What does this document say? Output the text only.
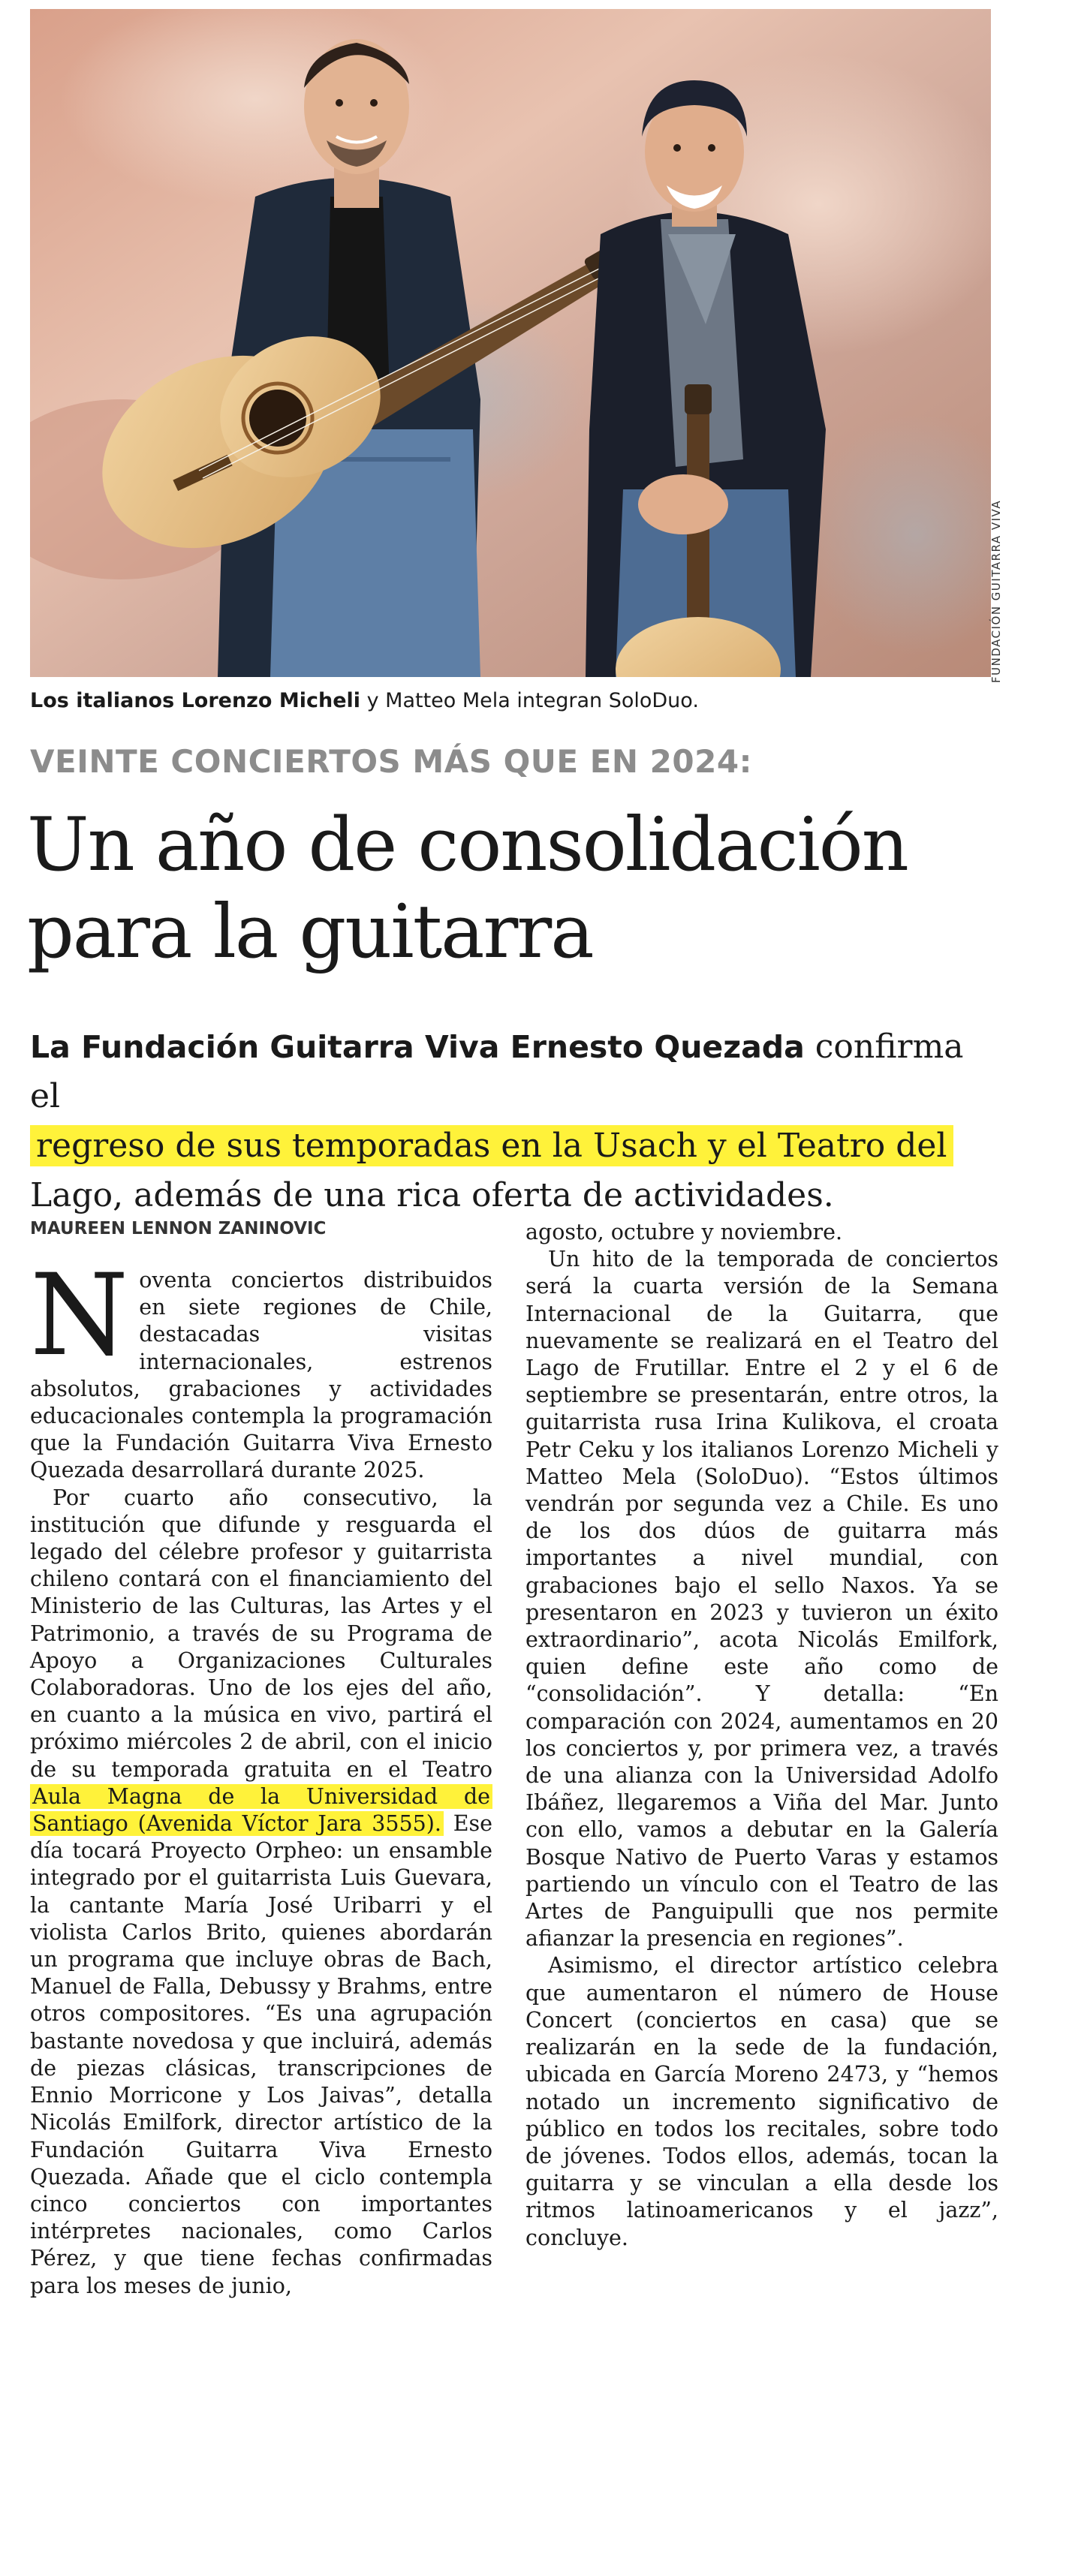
FUNDACIÓN GUITARRA VIVA
Los italianos Lorenzo Micheli y Matteo Mela integran SoloDuo.
VEINTE CONCIERTOS MÁS QUE EN 2024:
Un año de consolidación
para la guitarra
La Fundación Guitarra Viva Ernesto Quezada confirma el
regreso de sus temporadas en la Usach y el Teatro del
Lago, además de una rica oferta de actividades.
MAUREEN LENNON ZANINOVIC

Noventa conciertos distribuidos en siete regiones de Chile, destacadas visitas internacionales, estrenos absolutos, grabaciones y actividades educacionales contempla la programación que la Fundación Guitarra Viva Ernesto Quezada desarrollará durante 2025.

Por cuarto año consecutivo, la institución que difunde y resguarda el legado del célebre profesor y guitarrista chileno contará con el financiamiento del Ministerio de las Culturas, las Artes y el Patrimonio, a través de su Programa de Apoyo a Organizaciones Culturales Colaboradoras. Uno de los ejes del año, en cuanto a la música en vivo, partirá el próximo miércoles 2 de abril, con el inicio de su temporada gratuita en el Teatro Aula Magna de la Universidad de Santiago (Avenida Víctor Jara 3555). Ese día tocará Proyecto Orpheo: un ensamble integrado por el guitarrista Luis Guevara, la cantante María José Uribarri y el violista Carlos Brito, quienes abordarán un programa que incluye obras de Bach, Manuel de Falla, Debussy y Brahms, entre otros compositores. “Es una agrupación bastante novedosa y que incluirá, además de piezas clásicas, transcripciones de Ennio Morricone y Los Jaivas”, detalla Nicolás Emilfork, director artístico de la Fundación Guitarra Viva Ernesto Quezada. Añade que el ciclo contempla cinco conciertos con importantes intérpretes nacionales, como Carlos Pérez, y que tiene fechas confirmadas para los meses de junio,

agosto, octubre y noviembre.

Un hito de la temporada de conciertos será la cuarta versión de la Semana Internacional de la Guitarra, que nuevamente se realizará en el Teatro del Lago de Frutillar. Entre el 2 y el 6 de septiembre se presentarán, entre otros, la guitarrista rusa Irina Kulikova, el croata Petr Ceku y los italianos Lorenzo Micheli y Matteo Mela (SoloDuo). “Estos últimos vendrán por segunda vez a Chile. Es uno de los dos dúos de guitarra más importantes a nivel mundial, con grabaciones bajo el sello Naxos. Ya se presentaron en 2023 y tuvieron un éxito extraordinario”, acota Nicolás Emilfork, quien define este año como de “consolidación”. Y detalla: “En comparación con 2024, aumentamos en 20 los conciertos y, por primera vez, a través de una alianza con la Universidad Adolfo Ibáñez, llegaremos a Viña del Mar. Junto con ello, vamos a debutar en la Galería Bosque Nativo de Puerto Varas y estamos partiendo un vínculo con el Teatro de las Artes de Panguipulli que nos permite afianzar la presencia en regiones”.

Asimismo, el director artístico celebra que aumentaron el número de House Concert (conciertos en casa) que se realizarán en la sede de la fundación, ubicada en García Moreno 2473, y “hemos notado un incremento significativo de público en todos los recitales, sobre todo de jóvenes. Todos ellos, además, tocan la guitarra y se vinculan a ella desde los ritmos latinoamericanos y el jazz”, concluye.
